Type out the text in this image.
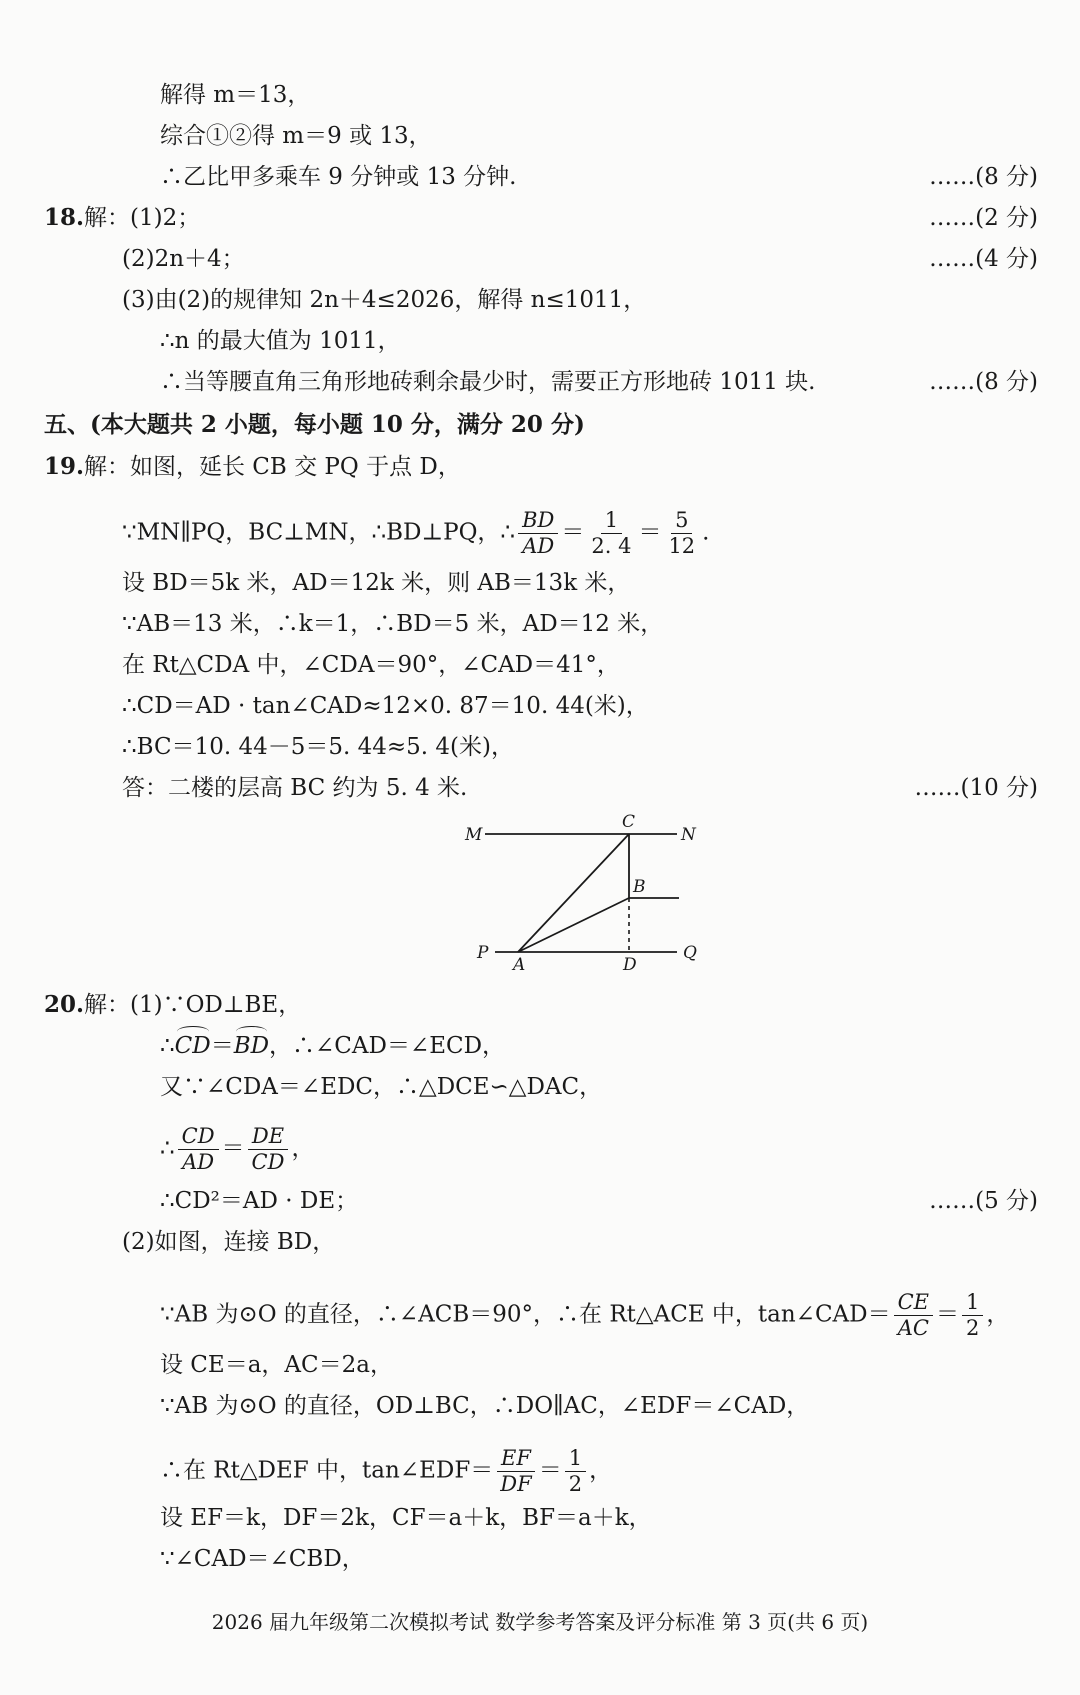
解得 m＝13，
综合①②得 m＝9 或 13，
∴乙比甲多乘车 9 分钟或 13 分钟.	……(8 分)
18. 解：(1)2；	……(2 分)
(2)2n＋4；	……(4 分)
(3)由(2)的规律知 2n＋4≤2026，解得 n≤1011，
∴n 的最大值为 1011，
∴当等腰直角三角形地砖剩余最少时，需要正方形地砖 1011 块.	……(8 分)
五、(本大题共 2 小题，每小题 10 分，满分 20 分)
19. 解：如图，延长 CB 交 PQ 于点 D，
∵MN∥PQ，BC⊥MN，∴BD⊥PQ，∴ $\frac{BD}{AD} = \frac{1}{2. 4} = \frac{5}{12}$ .
设 BD＝5k 米，AD＝12k 米，则 AB＝13k 米，
∵AB＝13 米，∴k＝1，∴BD＝5 米，AD＝12 米，
在 Rt△CDA 中，∠CDA＝90°，∠CAD＝41°，
∴CD＝AD · tan∠CAD≈12×0. 87＝10. 44(米)，
∴BC＝10. 44－5＝5. 44≈5. 4(米)，
答：二楼的层高 BC 约为 5. 4 米.	……(10 分)
M	N
C
B
P
A	D
Q
20. 解：(1)∵OD⊥BE，
∴CD＝BD，∴∠CAD＝∠ECD，
又∵∠CDA＝∠EDC，∴△DCE∽△DAC，
∴ $\frac{CD}{AD} = \frac{DE}{CD}$ ，
∴CD²＝AD · DE；	……(5 分)
(2)如图，连接 BD，
∵AB 为⊙O 的直径，∴∠ACB＝90°，∴在 Rt△ACE 中，tan∠CAD＝ $\frac{CE}{AC} = \frac{1}{2}$ ，
设 CE＝a，AC＝2a，
∵AB 为⊙O 的直径，OD⊥BC，∴DO∥AC，∠EDF＝∠CAD，
∴在 Rt△DEF 中，tan∠EDF＝ $\frac{EF}{DF} = \frac{1}{2}$ ，
设 EF＝k，DF＝2k，CF＝a＋k，BF＝a＋k，
∵∠CAD＝∠CBD，
2026 届九年级第二次模拟考试 数学参考答案及评分标准 第 3 页(共 6 页)
